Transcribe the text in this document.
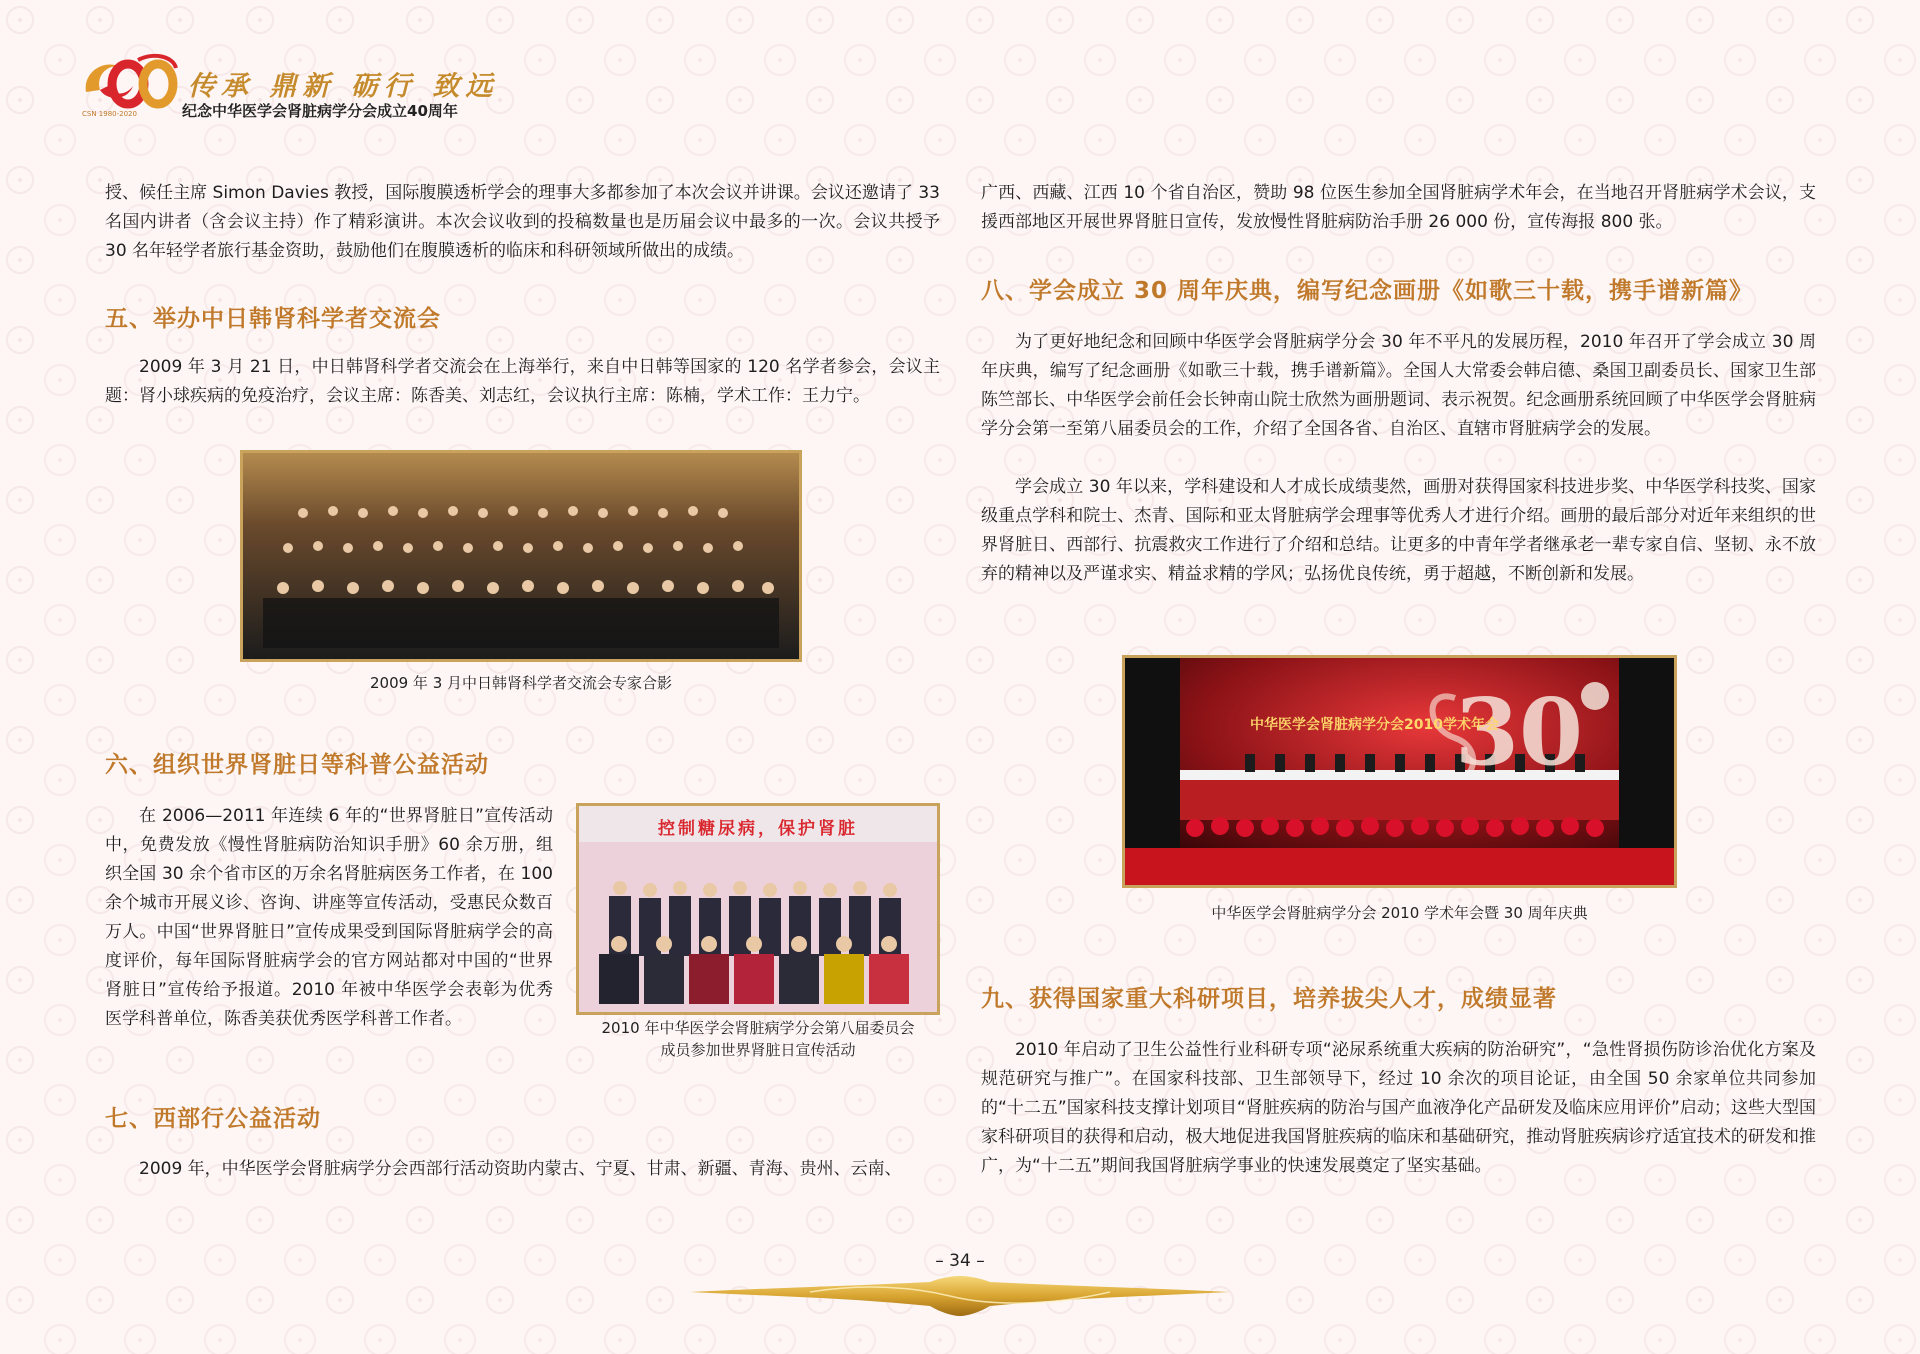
CSN 1980-2020
传承 鼎新 砺行 致远
纪念中华医学会肾脏病学分会成立40周年

授、候任主席 Simon Davies 教授，国际腹膜透析学会的理事大多都参加了本次会议并讲课。会议还邀请了 33 名国内讲者（含会议主持）作了精彩演讲。本次会议收到的投稿数量也是历届会议中最多的一次。会议共授予 30 名年轻学者旅行基金资助，鼓励他们在腹膜透析的临床和科研领域所做出的成绩。

五、举办中日韩肾科学者交流会

2009 年 3 月 21 日，中日韩肾科学者交流会在上海举行，来自中日韩等国家的 120 名学者参会，会议主题：肾小球疾病的免疫治疗，会议主席：陈香美、刘志红，会议执行主席：陈楠，学术工作：王力宁。

2009 年 3 月中日韩肾科学者交流会专家合影
六、组织世界肾脏日等科普公益活动

在 2006—2011 年连续 6 年的“世界肾脏日”宣传活动中，免费发放《慢性肾脏病防治知识手册》60 余万册，组织全国 30 余个省市区的万余名肾脏病医务工作者，在 100 余个城市开展义诊、咨询、讲座等宣传活动，受惠民众数百万人。中国“世界肾脏日”宣传成果受到国际肾脏病学会的高度评价，每年国际肾脏病学会的官方网站都对中国的“世界肾脏日”宣传给予报道。2010 年被中华医学会表彰为优秀医学科普单位，陈香美获优秀医学科普工作者。

控制糖尿病，保护肾脏
2010 年中华医学会肾脏病学分会第八届委员会
成员参加世界肾脏日宣传活动
七、西部行公益活动

2009 年，中华医学会肾脏病学分会西部行活动资助内蒙古、宁夏、甘肃、新疆、青海、贵州、云南、

广西、西藏、江西 10 个省自治区，赞助 98 位医生参加全国肾脏病学术年会，在当地召开肾脏病学术会议，支援西部地区开展世界肾脏日宣传，发放慢性肾脏病防治手册 26 000 份，宣传海报 800 张。

八、学会成立 30 周年庆典，编写纪念画册《如歌三十载，携手谱新篇》

为了更好地纪念和回顾中华医学会肾脏病学分会 30 年不平凡的发展历程，2010 年召开了学会成立 30 周年庆典，编写了纪念画册《如歌三十载，携手谱新篇》。全国人大常委会韩启德、桑国卫副委员长、国家卫生部陈竺部长、中华医学会前任会长钟南山院士欣然为画册题词、表示祝贺。纪念画册系统回顾了中华医学会肾脏病学分会第一至第八届委员会的工作，介绍了全国各省、自治区、直辖市肾脏病学会的发展。

学会成立 30 年以来，学科建设和人才成长成绩斐然，画册对获得国家科技进步奖、中华医学科技奖、国家级重点学科和院士、杰青、国际和亚太肾脏病学会理事等优秀人才进行介绍。画册的最后部分对近年来组织的世界肾脏日、西部行、抗震救灾工作进行了介绍和总结。让更多的中青年学者继承老一辈专家自信、坚韧、永不放弃的精神以及严谨求实、精益求精的学风；弘扬优良传统，勇于超越，不断创新和发展。

30
中华医学会肾脏病学分会2010学术年会
中华医学会肾脏病学分会 2010 学术年会暨 30 周年庆典
九、获得国家重大科研项目，培养拔尖人才，成绩显著

2010 年启动了卫生公益性行业科研专项“泌尿系统重大疾病的防治研究”，“急性肾损伤防诊治优化方案及规范研究与推广”。在国家科技部、卫生部领导下，经过 10 余次的项目论证，由全国 50 余家单位共同参加的“十二五”国家科技支撑计划项目“肾脏疾病的防治与国产血液净化产品研发及临床应用评价”启动；这些大型国家科研项目的获得和启动，极大地促进我国肾脏疾病的临床和基础研究，推动肾脏疾病诊疗适宜技术的研发和推广，为“十二五”期间我国肾脏病学事业的快速发展奠定了坚实基础。

– 34 –
